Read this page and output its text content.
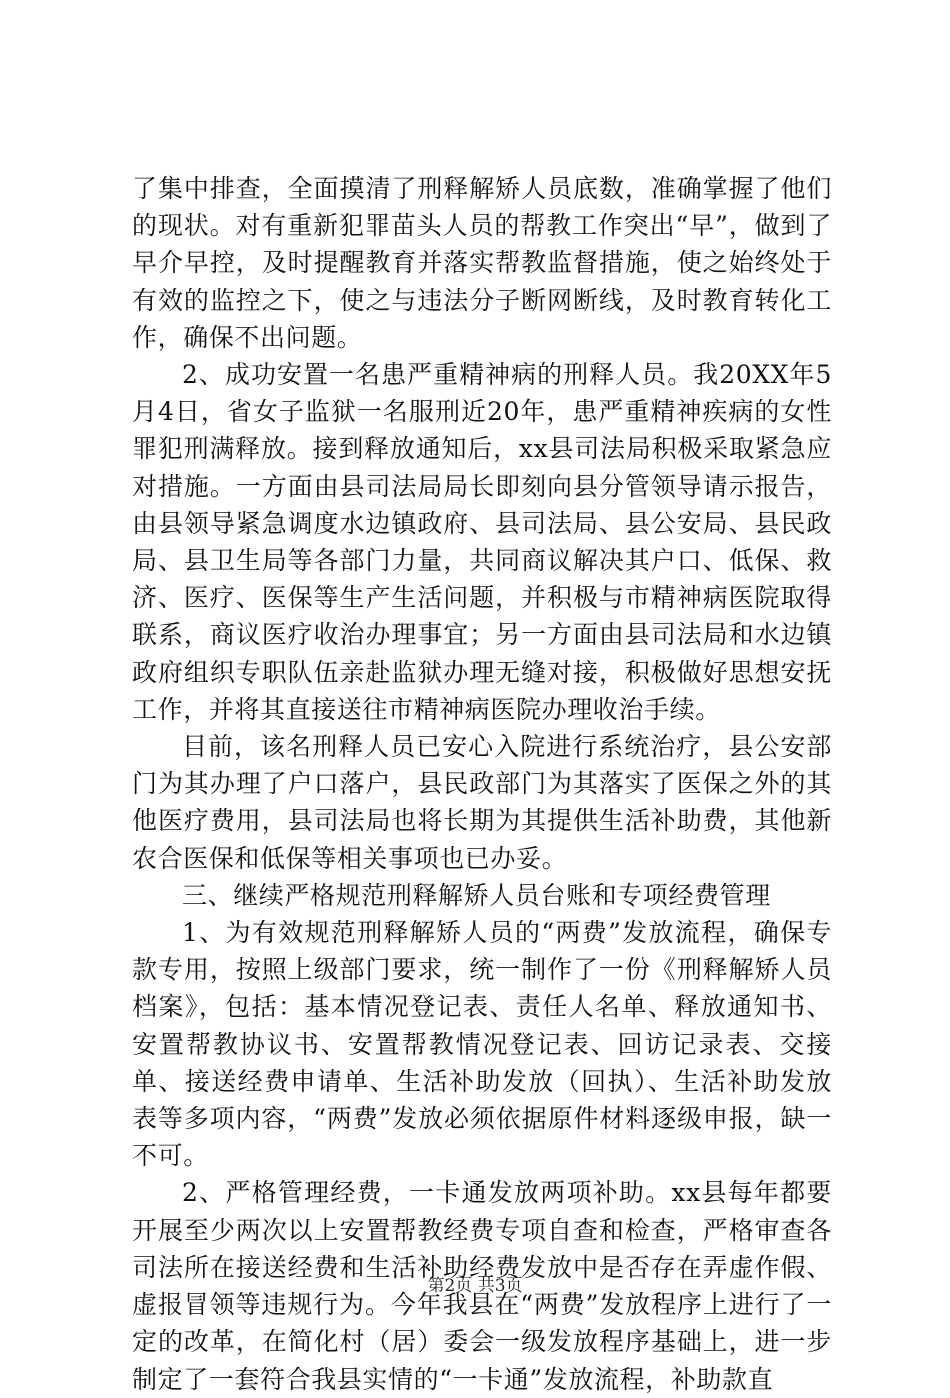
了集中排查，全面摸清了刑释解矫人员底数，准确掌握了他们的现状。对有重新犯罪苗头人员的帮教工作突出“早”，做到了早介早控，及时提醒教育并落实帮教监督措施，使之始终处于有效的监控之下，使之与违法分子断网断线，及时教育转化工作，确保不出问题。

2、成功安置一名患严重精神病的刑释人员。我20XX年5月4日，省女子监狱一名服刑近20年，患严重精神疾病的女性罪犯刑满释放。接到释放通知后，xx县司法局积极采取紧急应对措施。一方面由县司法局局长即刻向县分管领导请示报告，由县领导紧急调度水边镇政府、县司法局、县公安局、县民政局、县卫生局等各部门力量，共同商议解决其户口、低保、救济、医疗、医保等生产生活问题，并积极与市精神病医院取得联系，商议医疗收治办理事宜；另一方面由县司法局和水边镇政府组织专职队伍亲赴监狱办理无缝对接，积极做好思想安抚工作，并将其直接送往市精神病医院办理收治手续。

目前，该名刑释人员已安心入院进行系统治疗，县公安部门为其办理了户口落户，县民政部门为其落实了医保之外的其他医疗费用，县司法局也将长期为其提供生活补助费，其他新农合医保和低保等相关事项也已办妥。

三、继续严格规范刑释解矫人员台账和专项经费管理

1、为有效规范刑释解矫人员的“两费”发放流程，确保专款专用，按照上级部门要求，统一制作了一份《刑释解矫人员档案》，包括：基本情况登记表、责任人名单、释放通知书、安置帮教协议书、安置帮教情况登记表、回访记录表、交接单、接送经费申请单、生活补助发放（回执）、生活补助发放表等多项内容，“两费”发放必须依据原件材料逐级申报，缺一不可。

2、严格管理经费，一卡通发放两项补助。xx县每年都要开展至少两次以上安置帮教经费专项自查和检查，严格审查各司法所在接送经费和生活补助经费发放中是否存在弄虚作假、虚报冒领等违规行为。今年我县在“两费”发放程序上进行了一定的改革，在简化村（居）委会一级发放程序基础上，进一步制定了一套符合我县实情的“一卡通”发放流程，补助款直

第2页 共3页
